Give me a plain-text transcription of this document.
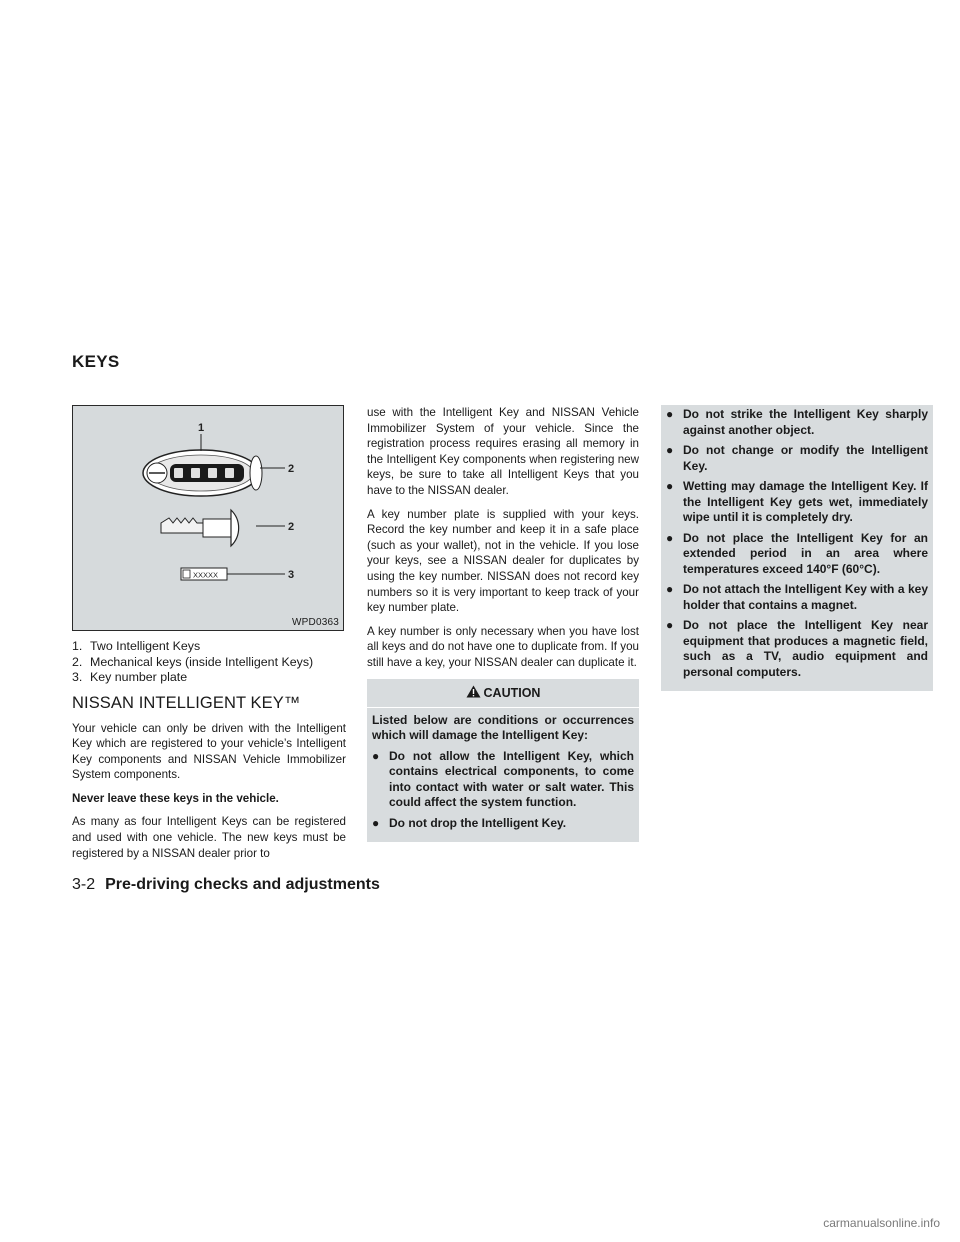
KEYS
XXXXX
1
2
2
3
WPD0363
1. Two Intelligent Keys
2. Mechanical keys (inside Intelligent Keys)
3. Key number plate
NISSAN INTELLIGENT KEY™

Your vehicle can only be driven with the Intelligent Key which are registered to your vehicle’s Intelligent Key components and NISSAN Vehicle Immobilizer System components.

Never leave these keys in the vehicle.

As many as four Intelligent Keys can be registered and used with one vehicle. The new keys must be registered by a NISSAN dealer prior to

use with the Intelligent Key and NISSAN Vehicle Immobilizer System of your vehicle. Since the registration process requires erasing all memory in the Intelligent Key components when registering new keys, be sure to take all Intelligent Keys that you have to the NISSAN dealer.

A key number plate is supplied with your keys. Record the key number and keep it in a safe place (such as your wallet), not in the vehicle. If you lose your keys, see a NISSAN dealer for duplicates by using the key number. NISSAN does not record key numbers so it is very important to keep track of your key number plate.

A key number is only necessary when you have lost all keys and do not have one to duplicate from. If you still have a key, your NISSAN dealer can duplicate it.

CAUTION

Listed below are conditions or occurrences which will damage the Intelligent Key:

● Do not allow the Intelligent Key, which contains electrical components, to come into contact with water or salt water. This could affect the system function.
● Do not drop the Intelligent Key.
● Do not strike the Intelligent Key sharply against another object.
● Do not change or modify the Intelligent Key.
● Wetting may damage the Intelligent Key. If the Intelligent Key gets wet, immediately wipe until it is completely dry.
● Do not place the Intelligent Key for an extended period in an area where temperatures exceed 140°F (60°C).
● Do not attach the Intelligent Key with a key holder that contains a magnet.
● Do not place the Intelligent Key near equipment that produces a magnetic field, such as a TV, audio equipment and personal computers.
3-2 Pre-driving checks and adjustments
carmanualsonline.info
